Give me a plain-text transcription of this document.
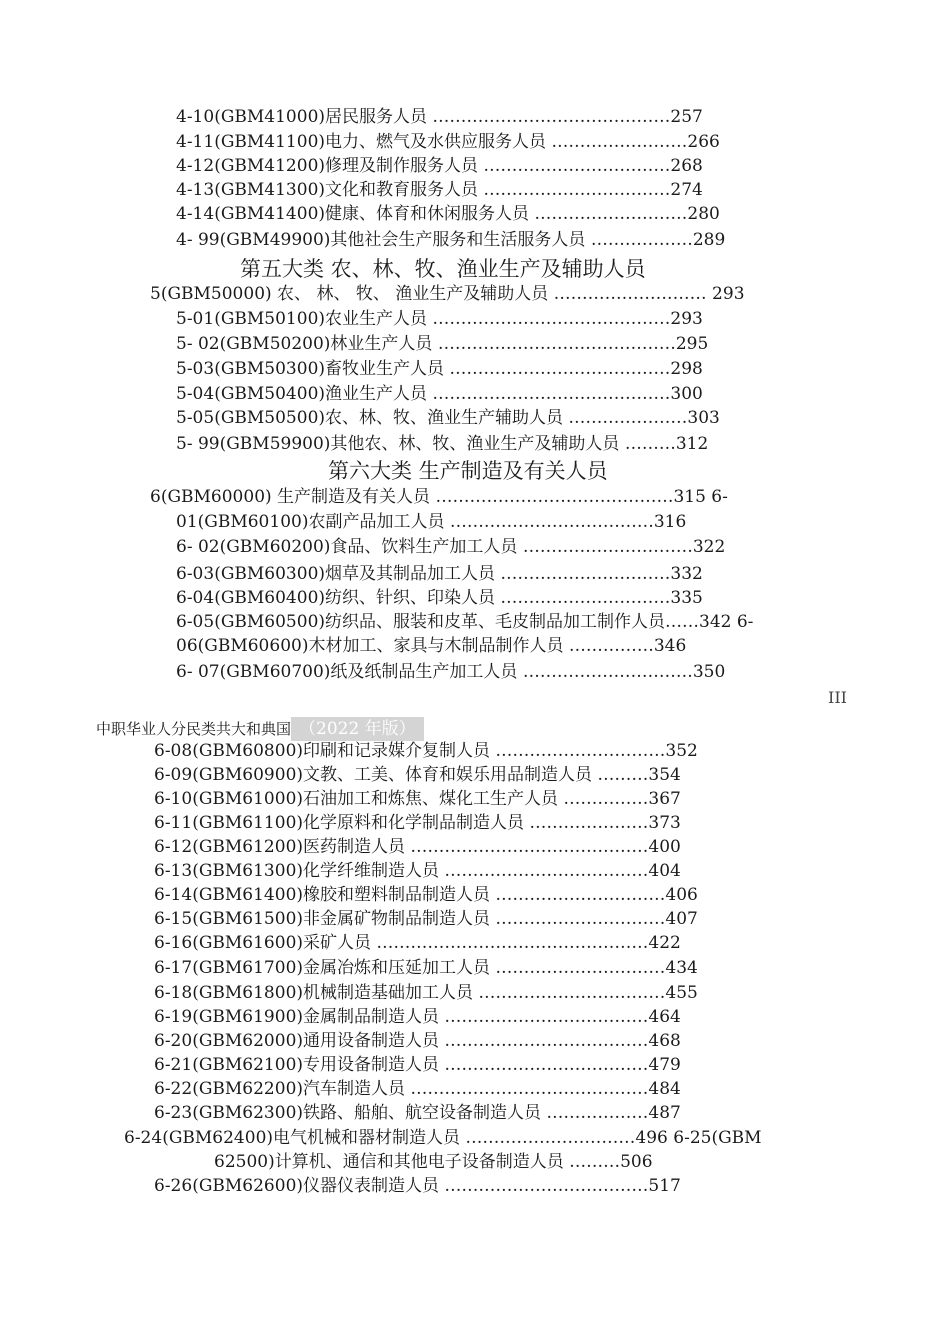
4-10(GBM41000)居民服务人员 ……………………………………257
4-11(GBM41100)电力、燃气及水供应服务人员 ……………………266
4-12(GBM41200)修理及制作服务人员 ……………………………268
4-13(GBM41300)文化和教育服务人员 ……………………………274
4-14(GBM41400)健康、体育和休闲服务人员 ………………………280
4- 99(GBM49900)其他社会生产服务和生活服务人员 ………………289
第五大类 农、林、牧、渔业生产及辅助人员
5(GBM50000) 农、 林、 牧、 渔业生产及辅助人员 ……………………… 293
5-01(GBM50100)农业生产人员 ……………………………………293
5- 02(GBM50200)林业生产人员 ……………………………………295
5-03(GBM50300)畜牧业生产人员 …………………………………298
5-04(GBM50400)渔业生产人员 ……………………………………300
5-05(GBM50500)农、林、牧、渔业生产辅助人员 …………………303
5- 99(GBM59900)其他农、林、牧、渔业生产及辅助人员 ………312
第六大类 生产制造及有关人员
6(GBM60000) 生产制造及有关人员 ……………………………………315 6-
01(GBM60100)农副产品加工人员 ………………………………316
6- 02(GBM60200)食品、饮料生产加工人员 …………………………322
6-03(GBM60300)烟草及其制品加工人员 …………………………332
6-04(GBM60400)纺织、针织、印染人员 …………………………335
6-05(GBM60500)纺织品、服装和皮革、毛皮制品加工制作人员……342 6-
06(GBM60600)木材加工、家具与木制品制作人员 ……………346
6- 07(GBM60700)纸及纸制品生产加工人员 …………………………350
III
中职华业人分民类共大和典国 （2022 年版）
6-08(GBM60800)印刷和记录媒介复制人员 …………………………352
6-09(GBM60900)文教、工美、体育和娱乐用品制造人员 ………354
6-10(GBM61000)石油加工和炼焦、煤化工生产人员 ……………367
6-11(GBM61100)化学原料和化学制品制造人员 …………………373
6-12(GBM61200)医药制造人员 ……………………………………400
6-13(GBM61300)化学纤维制造人员 ………………………………404
6-14(GBM61400)橡胶和塑料制品制造人员 …………………………406
6-15(GBM61500)非金属矿物制品制造人员 …………………………407
6-16(GBM61600)采矿人员 …………………………………………422
6-17(GBM61700)金属冶炼和压延加工人员 …………………………434
6-18(GBM61800)机械制造基础加工人员 ……………………………455
6-19(GBM61900)金属制品制造人员 ………………………………464
6-20(GBM62000)通用设备制造人员 ………………………………468
6-21(GBM62100)专用设备制造人员 ………………………………479
6-22(GBM62200)汽车制造人员 ……………………………………484
6-23(GBM62300)铁路、船舶、航空设备制造人员 ………………487
6-24(GBM62400)电气机械和器材制造人员 …………………………496 6-25(GBM
62500)计算机、通信和其他电子设备制造人员 ………506
6-26(GBM62600)仪器仪表制造人员 ………………………………517
